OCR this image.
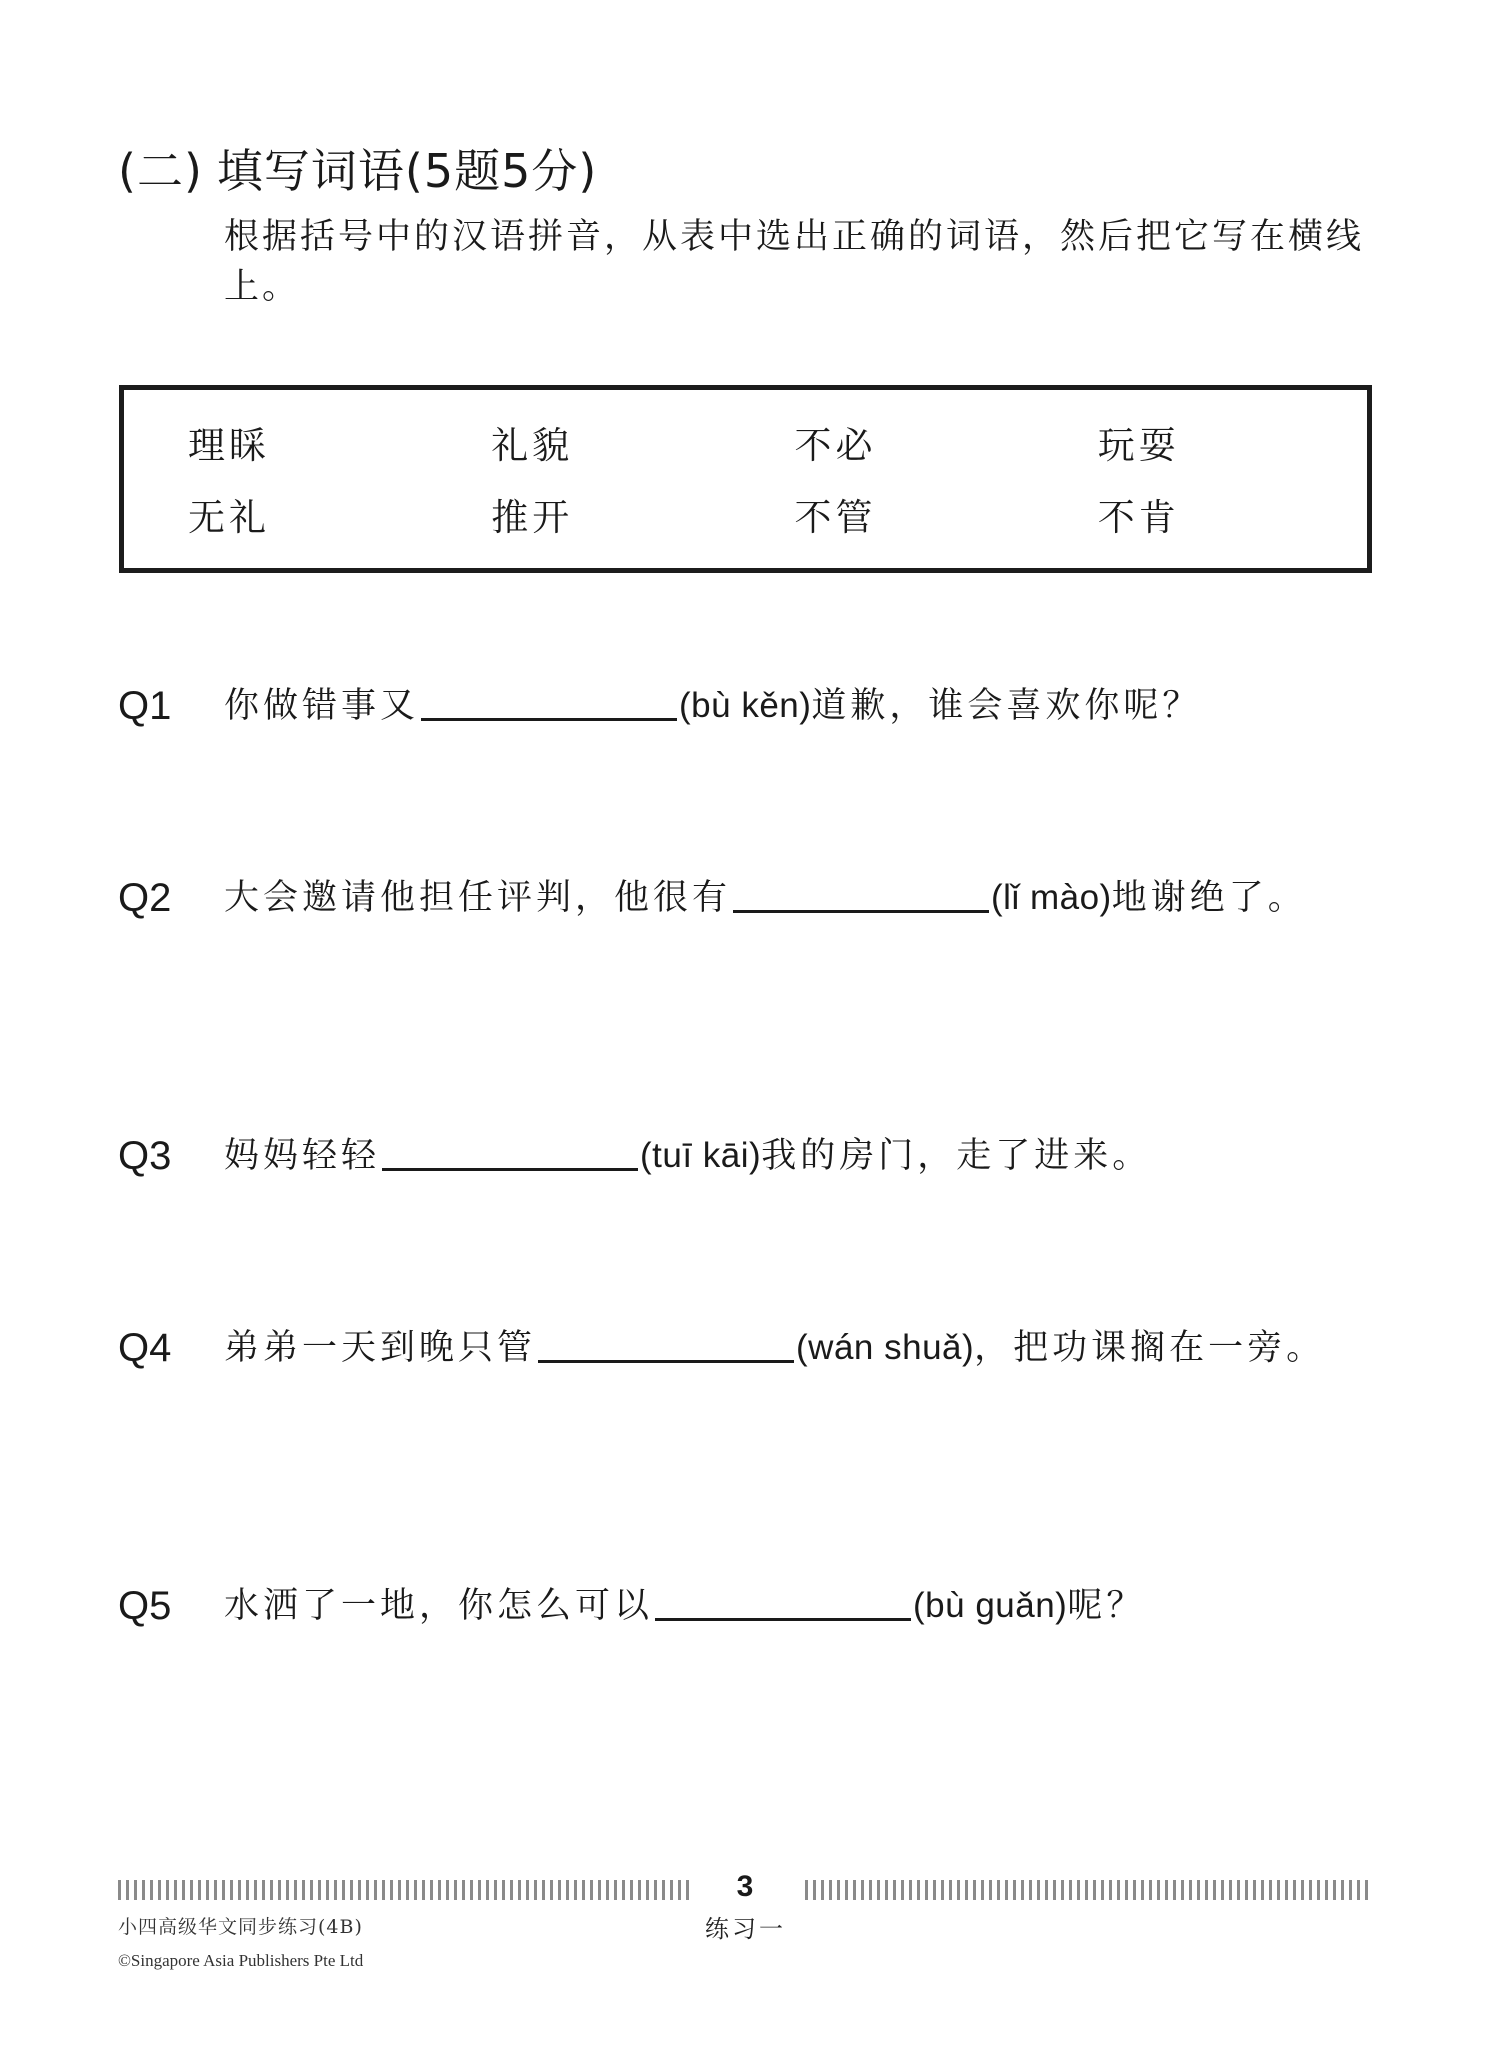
(二) 填写词语(5题5分)
根据括号中的汉语拼音，从表中选出正确的词语，然后把它写在横线上。
理睬	礼貌	不必	玩耍
无礼	推开	不管	不肯
Q1 你做错事又	(bù kěn)道歉，谁会喜欢你呢？
Q2 大会邀请他担任评判，他很有	(lǐ mào)地谢绝了。
Q3 妈妈轻轻	(tuī kāi)我的房门，走了进来。
Q4 弟弟一天到晚只管	(wán shuǎ)，把功课搁在一旁。
Q5 水洒了一地，你怎么可以	(bù guǎn)呢？
3
小四高级华文同步练习(4B)	练习一
©Singapore Asia Publishers Pte Ltd
